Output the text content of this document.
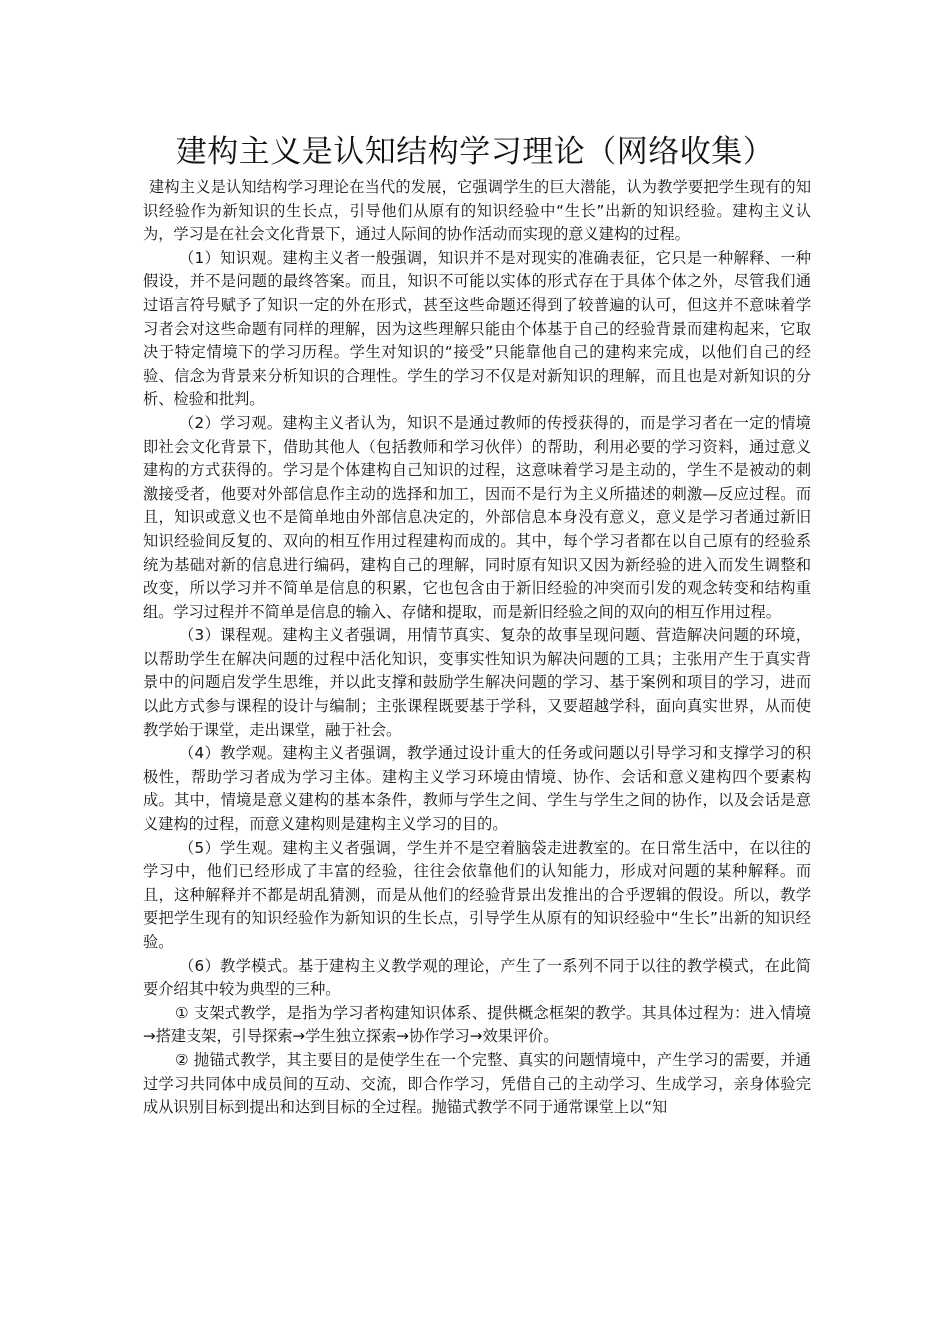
建构主义是认知结构学习理论（网络收集）

建构主义是认知结构学习理论在当代的发展，它强调学生的巨大潜能，认为教学要把学生现有的知识经验作为新知识的生长点，引导他们从原有的知识经验中“生长”出新的知识经验。建构主义认为，学习是在社会文化背景下，通过人际间的协作活动而实现的意义建构的过程。

（1）知识观。建构主义者一般强调，知识并不是对现实的准确表征，它只是一种解释、一种假设，并不是问题的最终答案。而且，知识不可能以实体的形式存在于具体个体之外，尽管我们通过语言符号赋予了知识一定的外在形式，甚至这些命题还得到了较普遍的认可，但这并不意味着学习者会对这些命题有同样的理解，因为这些理解只能由个体基于自己的经验背景而建构起来，它取决于特定情境下的学习历程。学生对知识的“接受”只能靠他自己的建构来完成，以他们自己的经验、信念为背景来分析知识的合理性。学生的学习不仅是对新知识的理解，而且也是对新知识的分析、检验和批判。

（2）学习观。建构主义者认为，知识不是通过教师的传授获得的，而是学习者在一定的情境即社会文化背景下，借助其他人（包括教师和学习伙伴）的帮助，利用必要的学习资料，通过意义建构的方式获得的。学习是个体建构自己知识的过程，这意味着学习是主动的，学生不是被动的刺激接受者，他要对外部信息作主动的选择和加工，因而不是行为主义所描述的刺激—反应过程。而且，知识或意义也不是简单地由外部信息决定的，外部信息本身没有意义，意义是学习者通过新旧知识经验间反复的、双向的相互作用过程建构而成的。其中，每个学习者都在以自己原有的经验系统为基础对新的信息进行编码，建构自己的理解，同时原有知识又因为新经验的进入而发生调整和改变，所以学习并不简单是信息的积累，它也包含由于新旧经验的冲突而引发的观念转变和结构重组。学习过程并不简单是信息的输入、存储和提取，而是新旧经验之间的双向的相互作用过程。

（3）课程观。建构主义者强调，用情节真实、复杂的故事呈现问题、营造解决问题的环境，以帮助学生在解决问题的过程中活化知识，变事实性知识为解决问题的工具；主张用产生于真实背景中的问题启发学生思维，并以此支撑和鼓励学生解决问题的学习、基于案例和项目的学习，进而以此方式参与课程的设计与编制；主张课程既要基于学科，又要超越学科，面向真实世界，从而使教学始于课堂，走出课堂，融于社会。

（4）教学观。建构主义者强调，教学通过设计重大的任务或问题以引导学习和支撑学习的积极性，帮助学习者成为学习主体。建构主义学习环境由情境、协作、会话和意义建构四个要素构成。其中，情境是意义建构的基本条件，教师与学生之间、学生与学生之间的协作，以及会话是意义建构的过程，而意义建构则是建构主义学习的目的。

（5）学生观。建构主义者强调，学生并不是空着脑袋走进教室的。在日常生活中，在以往的学习中，他们已经形成了丰富的经验，往往会依靠他们的认知能力，形成对问题的某种解释。而且，这种解释并不都是胡乱猜测，而是从他们的经验背景出发推出的合乎逻辑的假设。所以，教学要把学生现有的知识经验作为新知识的生长点，引导学生从原有的知识经验中“生长”出新的知识经验。

（6）教学模式。基于建构主义教学观的理论，产生了一系列不同于以往的教学模式，在此简要介绍其中较为典型的三种。

① 支架式教学，是指为学习者构建知识体系、提供概念框架的教学。其具体过程为：进入情境→搭建支架，引导探索→学生独立探索→协作学习→效果评价。

② 抛锚式教学，其主要目的是使学生在一个完整、真实的问题情境中，产生学习的需要，并通过学习共同体中成员间的互动、交流，即合作学习，凭借自己的主动学习、生成学习，亲身体验完成从识别目标到提出和达到目标的全过程。抛锚式教学不同于通常课堂上以“知
